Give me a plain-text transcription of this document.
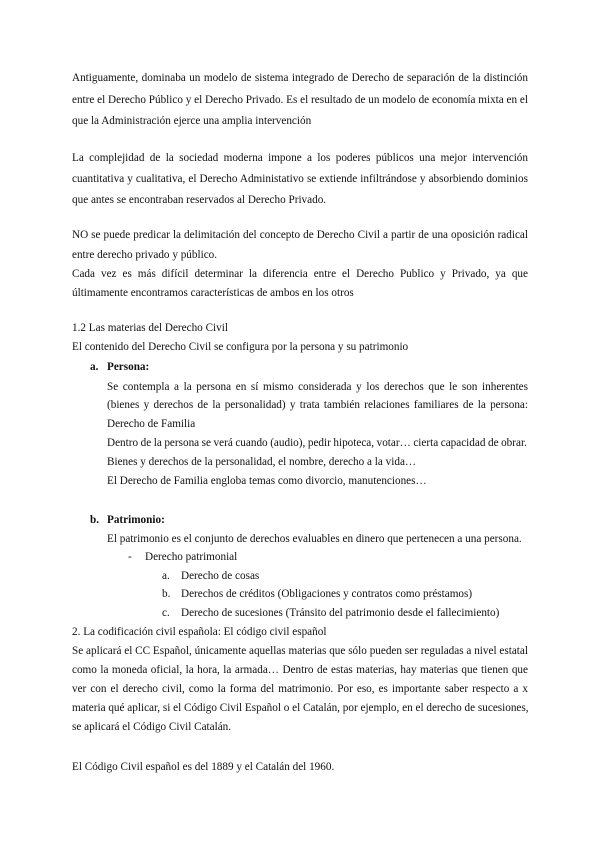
Antiguamente, dominaba un modelo de sistema integrado de Derecho de separación de la distinción
entre el Derecho Público y el Derecho Privado. Es el resultado de un modelo de economía mixta en el
que la Administración ejerce una amplia intervención
La complejidad de la sociedad moderna impone a los poderes públicos una mejor intervención
cuantitativa y cualitativa, el Derecho Administativo se extiende infiltrándose y absorbiendo dominios
que antes se encontraban reservados al Derecho Privado.
NO se puede predicar la delimitación del concepto de Derecho Civil a partir de una oposición radical
entre derecho privado y público.
Cada vez es más difícil determinar la diferencia entre el Derecho Publico y Privado, ya que
últimamente encontramos características de ambos en los otros
1.2 Las materias del Derecho Civil
El contenido del Derecho Civil se configura por la persona y su patrimonio
a. Persona:
Se contempla a la persona en sí mismo considerada y los derechos que le son inherentes
(bienes y derechos de la personalidad) y trata también relaciones familiares de la persona:
Derecho de Familia
Dentro de la persona se verá cuando (audio), pedir hipoteca, votar… cierta capacidad de obrar.
Bienes y derechos de la personalidad, el nombre, derecho a la vida…
El Derecho de Familia engloba temas como divorcio, manutenciones…
b. Patrimonio:
El patrimonio es el conjunto de derechos evaluables en dinero que pertenecen a una persona.
- Derecho patrimonial
a. Derecho de cosas
b. Derechos de créditos (Obligaciones y contratos como préstamos)
c. Derecho de sucesiones (Tránsito del patrimonio desde el fallecimiento)
2. La codificación civil española: El código civil español
Se aplicará el CC Español, únicamente aquellas materias que sólo pueden ser reguladas a nivel estatal
como la moneda oficial, la hora, la armada… Dentro de estas materias, hay materias que tienen que
ver con el derecho civil, como la forma del matrimonio. Por eso, es importante saber respecto a x
materia qué aplicar, si el Código Civil Español o el Catalán, por ejemplo, en el derecho de sucesiones,
se aplicará el Código Civil Catalán.
El Código Civil español es del 1889 y el Catalán del 1960.
